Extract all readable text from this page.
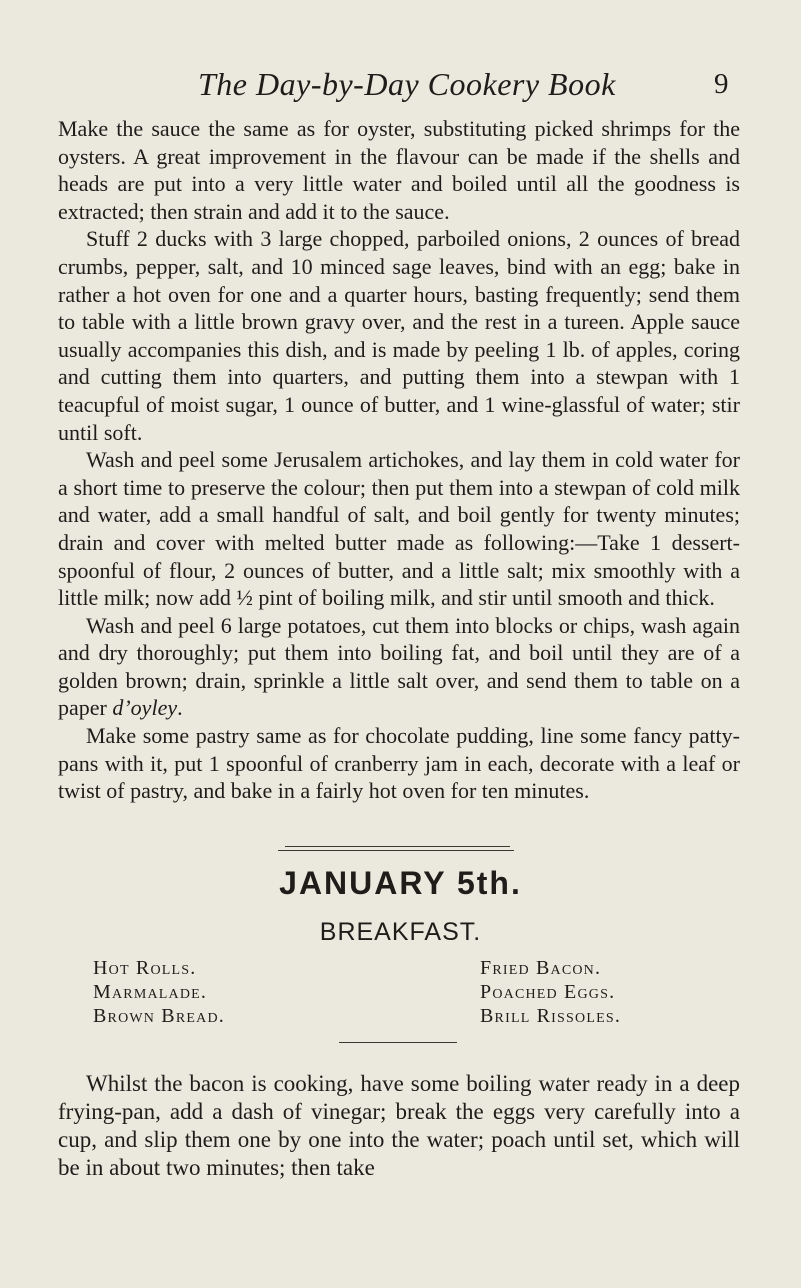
The Day-by-Day Cookery Book	9

Make the sauce the same as for oyster, substituting picked shrimps for the oysters. A great improvement in the flavour can be made if the shells and heads are put into a very little water and boiled until all the goodness is extracted; then strain and add it to the sauce.

Stuff 2 ducks with 3 large chopped, parboiled onions, 2 ounces of bread crumbs, pepper, salt, and 10 minced sage leaves, bind with an egg; bake in rather a hot oven for one and a quarter hours, basting frequently; send them to table with a little brown gravy over, and the rest in a tureen. Apple sauce usually accompanies this dish, and is made by peeling 1 lb. of apples, coring and cutting them into quarters, and putting them into a stewpan with 1 teacupful of moist sugar, 1 ounce of butter, and 1 wine-glassful of water; stir until soft.

Wash and peel some Jerusalem artichokes, and lay them in cold water for a short time to preserve the colour; then put them into a stewpan of cold milk and water, add a small handful of salt, and boil gently for twenty minutes; drain and cover with melted butter made as following:—Take 1 dessert-spoonful of flour, 2 ounces of butter, and a little salt; mix smoothly with a little milk; now add ½ pint of boiling milk, and stir until smooth and thick.

Wash and peel 6 large potatoes, cut them into blocks or chips, wash again and dry thoroughly; put them into boiling fat, and boil until they are of a golden brown; drain, sprinkle a little salt over, and send them to table on a paper d’oyley.

Make some pastry same as for chocolate pudding, line some fancy patty-pans with it, put 1 spoonful of cranberry jam in each, decorate with a leaf or twist of pastry, and bake in a fairly hot oven for ten minutes.

JANUARY 5th.
BREAKFAST.
Hot Rolls.
Marmalade.
Brown Bread.
Fried Bacon.
Poached Eggs.
Brill Rissoles.

Whilst the bacon is cooking, have some boiling water ready in a deep frying-pan, add a dash of vinegar; break the eggs very carefully into a cup, and slip them one by one into the water; poach until set, which will be in about two minutes; then take
